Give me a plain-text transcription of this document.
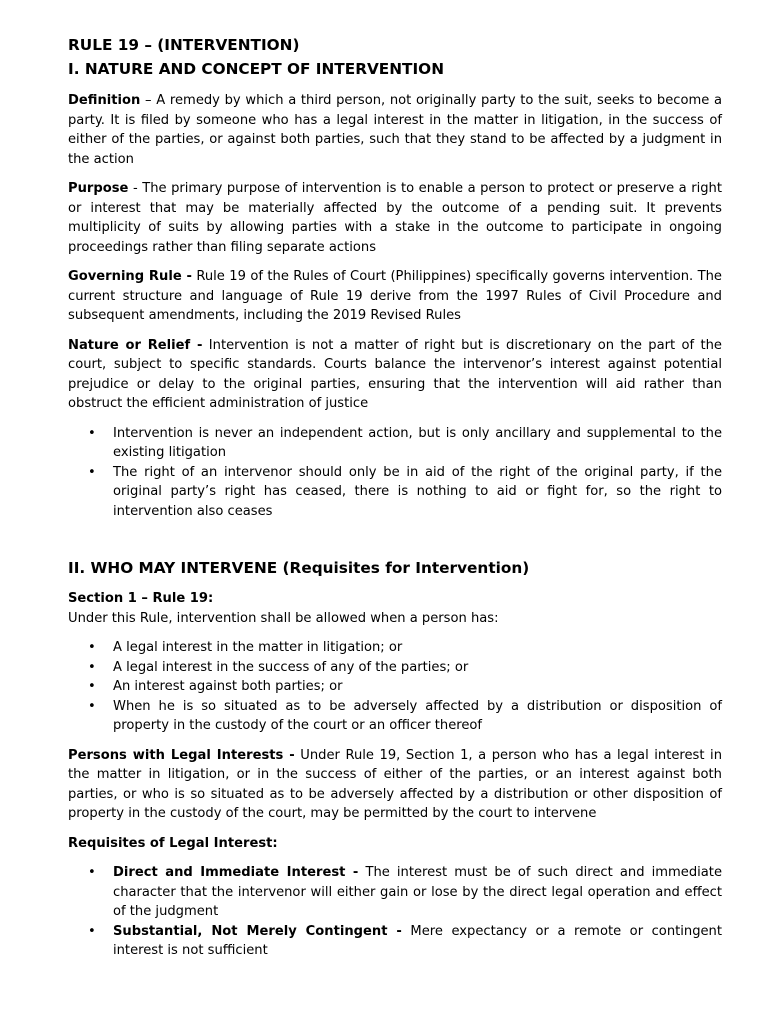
RULE 19 – (INTERVENTION)
I. NATURE AND CONCEPT OF INTERVENTION

Definition – A remedy by which a third person, not originally party to the suit, seeks to become a party. It is filed by someone who has a legal interest in the matter in litigation, in the success of either of the parties, or against both parties, such that they stand to be affected by a judgment in the action

Purpose - The primary purpose of intervention is to enable a person to protect or preserve a right or interest that may be materially affected by the outcome of a pending suit. It prevents multiplicity of suits by allowing parties with a stake in the outcome to participate in ongoing proceedings rather than filing separate actions

Governing Rule - Rule 19 of the Rules of Court (Philippines) specifically governs intervention. The current structure and language of Rule 19 derive from the 1997 Rules of Civil Procedure and subsequent amendments, including the 2019 Revised Rules

Nature or Relief - Intervention is not a matter of right but is discretionary on the part of the court, subject to specific standards. Courts balance the intervenor’s interest against potential prejudice or delay to the original parties, ensuring that the intervention will aid rather than obstruct the efficient administration of justice

• Intervention is never an independent action, but is only ancillary and supplemental to the existing litigation
• The right of an intervenor should only be in aid of the right of the original party, if the original party’s right has ceased, there is nothing to aid or fight for, so the right to intervention also ceases
II. WHO MAY INTERVENE (Requisites for Intervention)

Section 1 – Rule 19:

Under this Rule, intervention shall be allowed when a person has:

• A legal interest in the matter in litigation; or
• A legal interest in the success of any of the parties; or
• An interest against both parties; or
• When he is so situated as to be adversely affected by a distribution or disposition of property in the custody of the court or an officer thereof

Persons with Legal Interests - Under Rule 19, Section 1, a person who has a legal interest in the matter in litigation, or in the success of either of the parties, or an interest against both parties, or who is so situated as to be adversely affected by a distribution or other disposition of property in the custody of the court, may be permitted by the court to intervene

Requisites of Legal Interest:

• Direct and Immediate Interest - The interest must be of such direct and immediate character that the intervenor will either gain or lose by the direct legal operation and effect of the judgment
• Substantial, Not Merely Contingent - Mere expectancy or a remote or contingent interest is not sufficient
